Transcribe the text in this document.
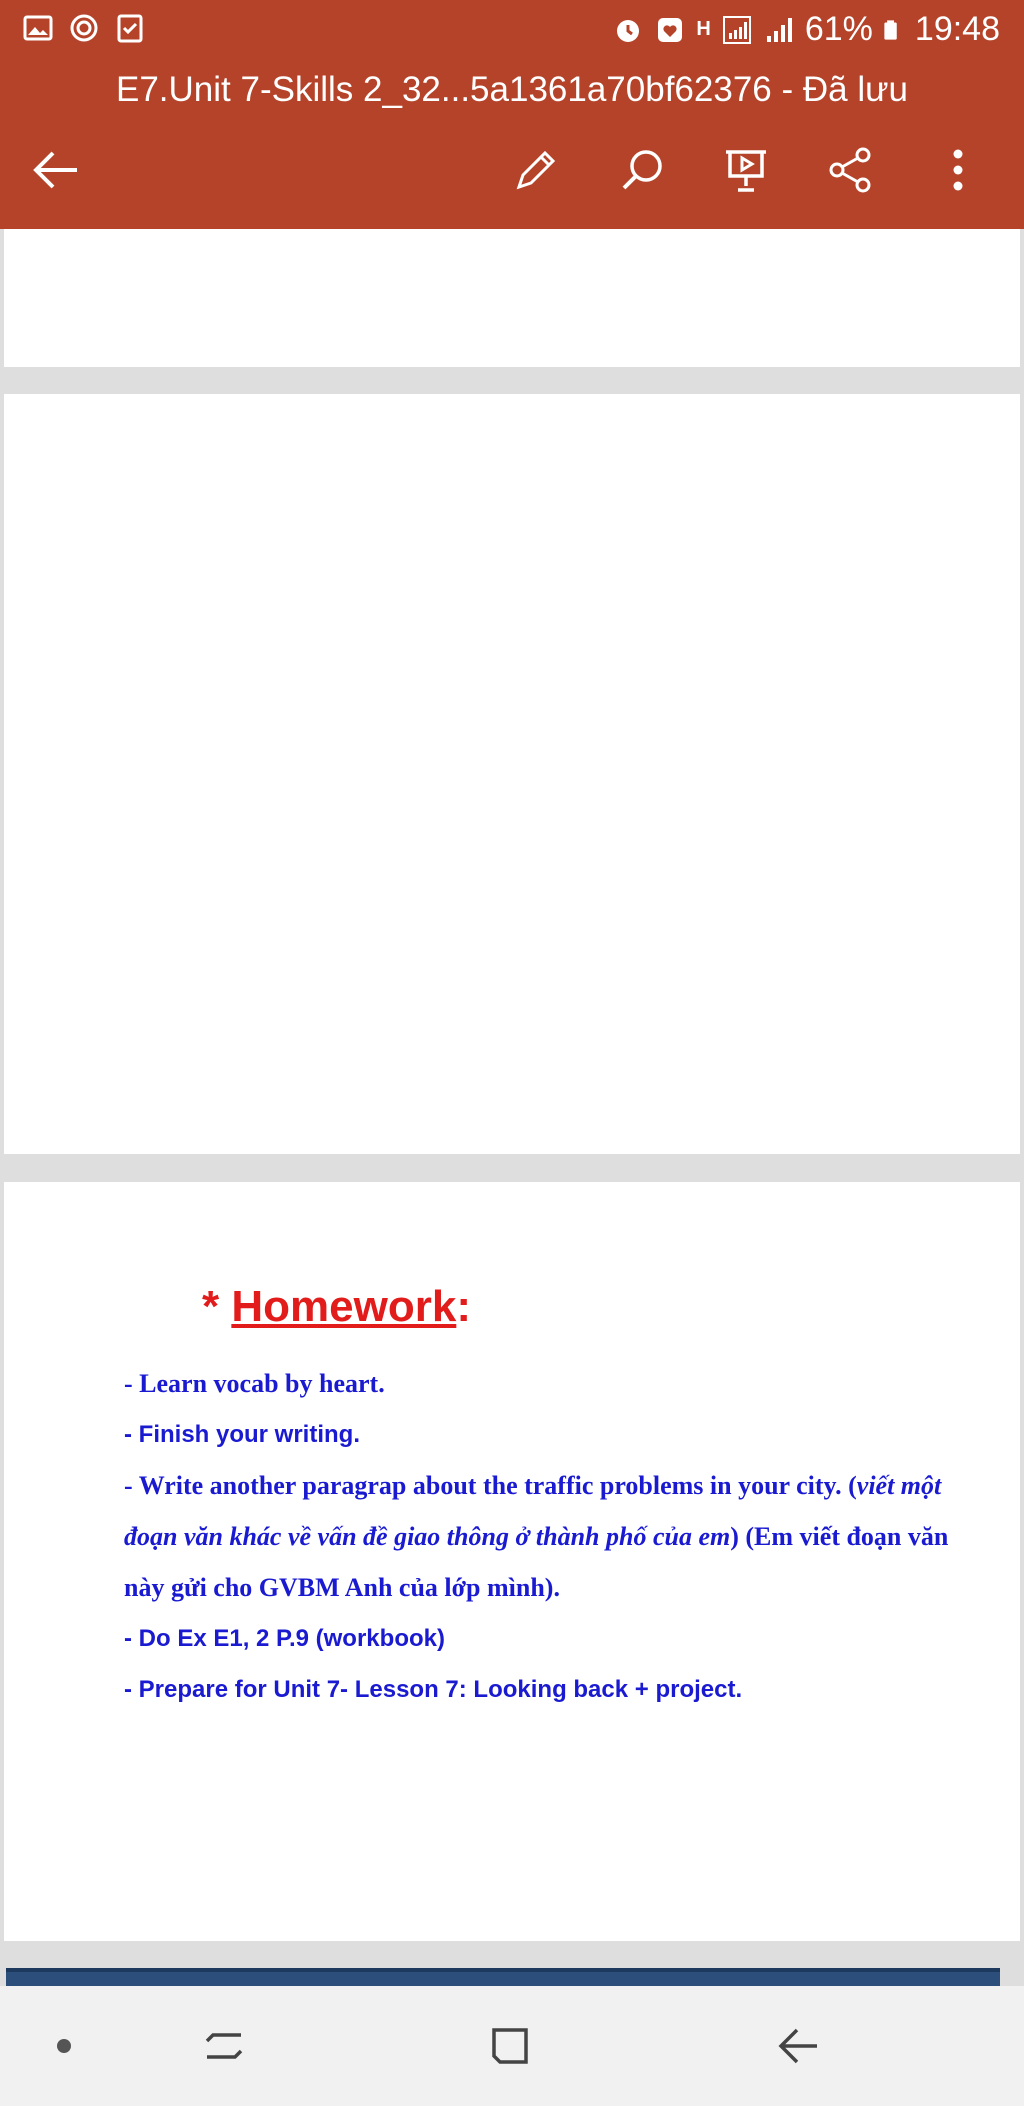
H	61% 19:48
E7.Unit 7-Skills 2_32...5a1361a70bf62376 - Đã lưu
* Homework:
- Learn vocab by heart.
- Finish your writing.
- Write another paragrap about the traffic problems in your city. (viết một đoạn văn khác về vấn đề giao thông ở thành phố của em) (Em viết đoạn văn này gửi cho GVBM Anh của lớp mình).
- Do Ex E1, 2 P.9 (workbook)
- Prepare for Unit 7- Lesson 7: Looking back + project.
